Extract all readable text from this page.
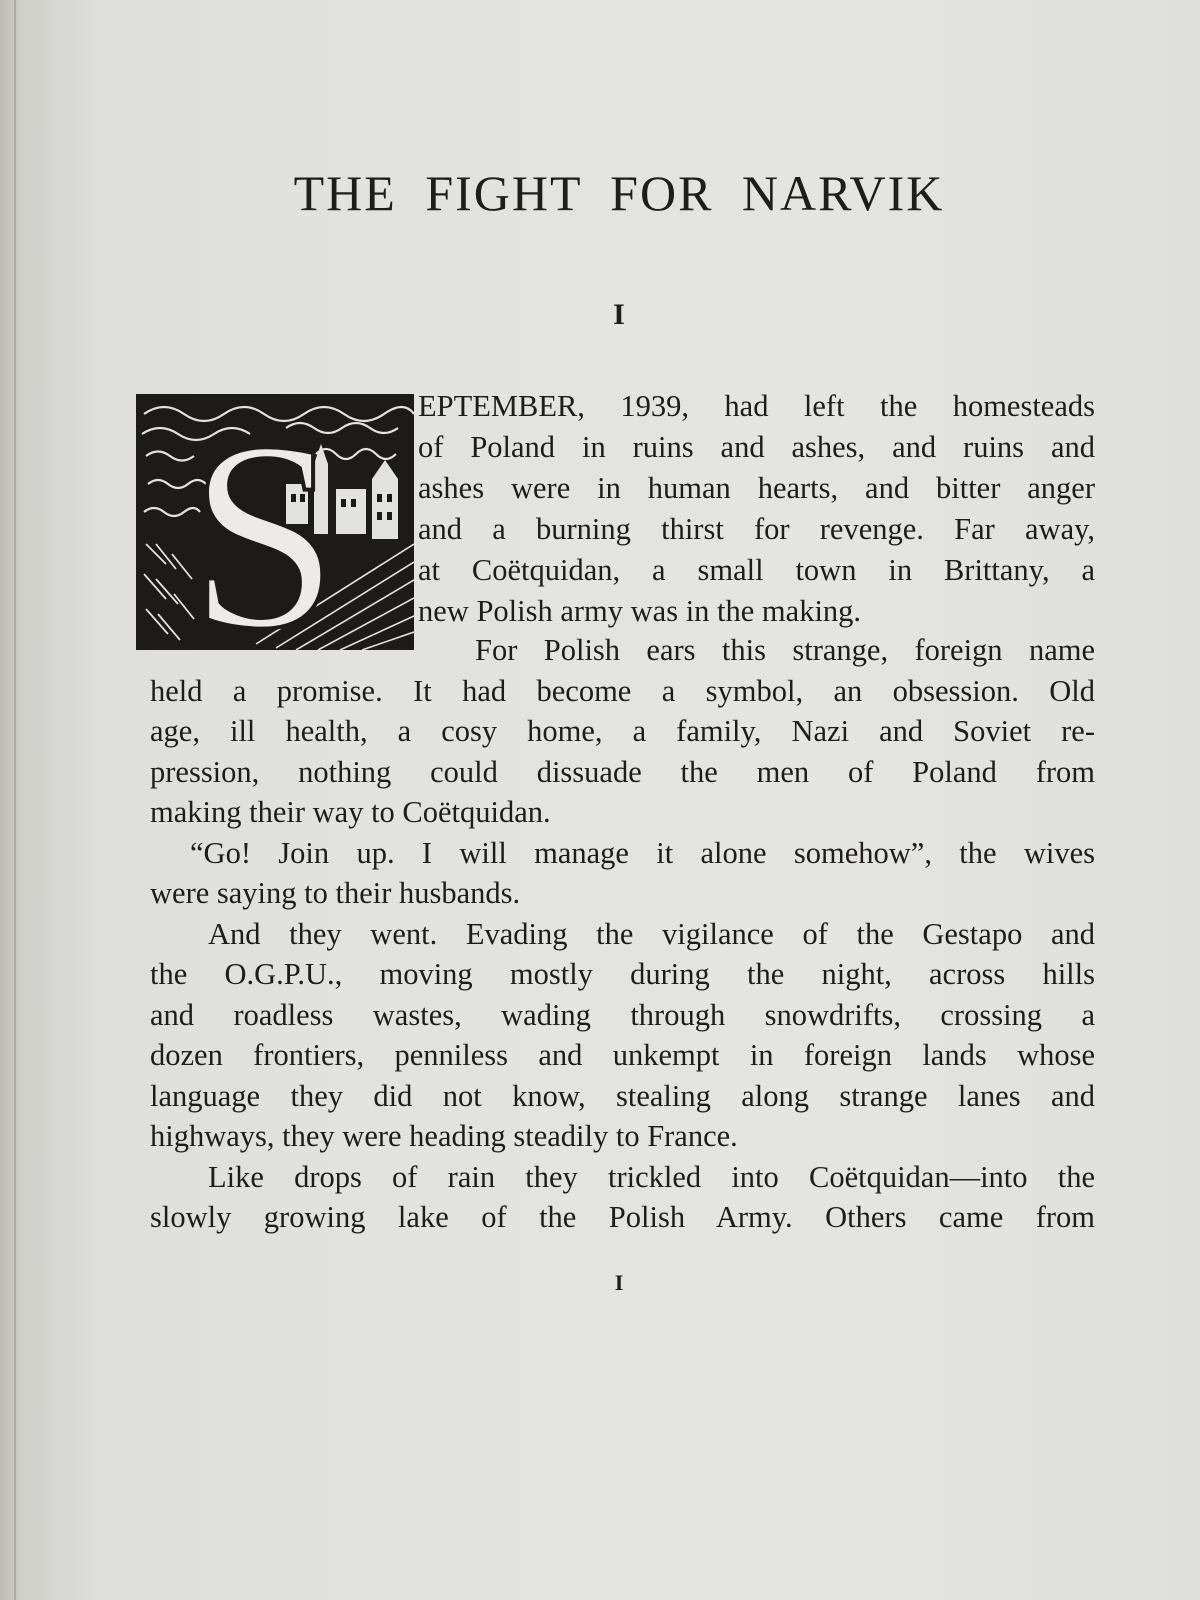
THE FIGHT FOR NARVIK
I
S	EPTEMBER, 1939, had left the homesteads
of Poland in ruins and ashes, and ruins and
ashes were in human hearts, and bitter anger
and a burning thirst for revenge. Far away,
at Coëtquidan, a small town in Brittany, a
new Polish army was in the making.
For Polish ears this strange, foreign name
held a promise. It had become a symbol, an obsession. Old
age, ill health, a cosy home, a family, Nazi and Soviet re-
pression, nothing could dissuade the men of Poland from
making their way to Coëtquidan.
“Go! Join up. I will manage it alone somehow”, the wives
were saying to their husbands.
And they went. Evading the vigilance of the Gestapo and
the O.G.P.U., moving mostly during the night, across hills
and roadless wastes, wading through snowdrifts, crossing a
dozen frontiers, penniless and unkempt in foreign lands whose
language they did not know, stealing along strange lanes and
highways, they were heading steadily to France.
Like drops of rain they trickled into Coëtquidan—into the
slowly growing lake of the Polish Army. Others came from
I
